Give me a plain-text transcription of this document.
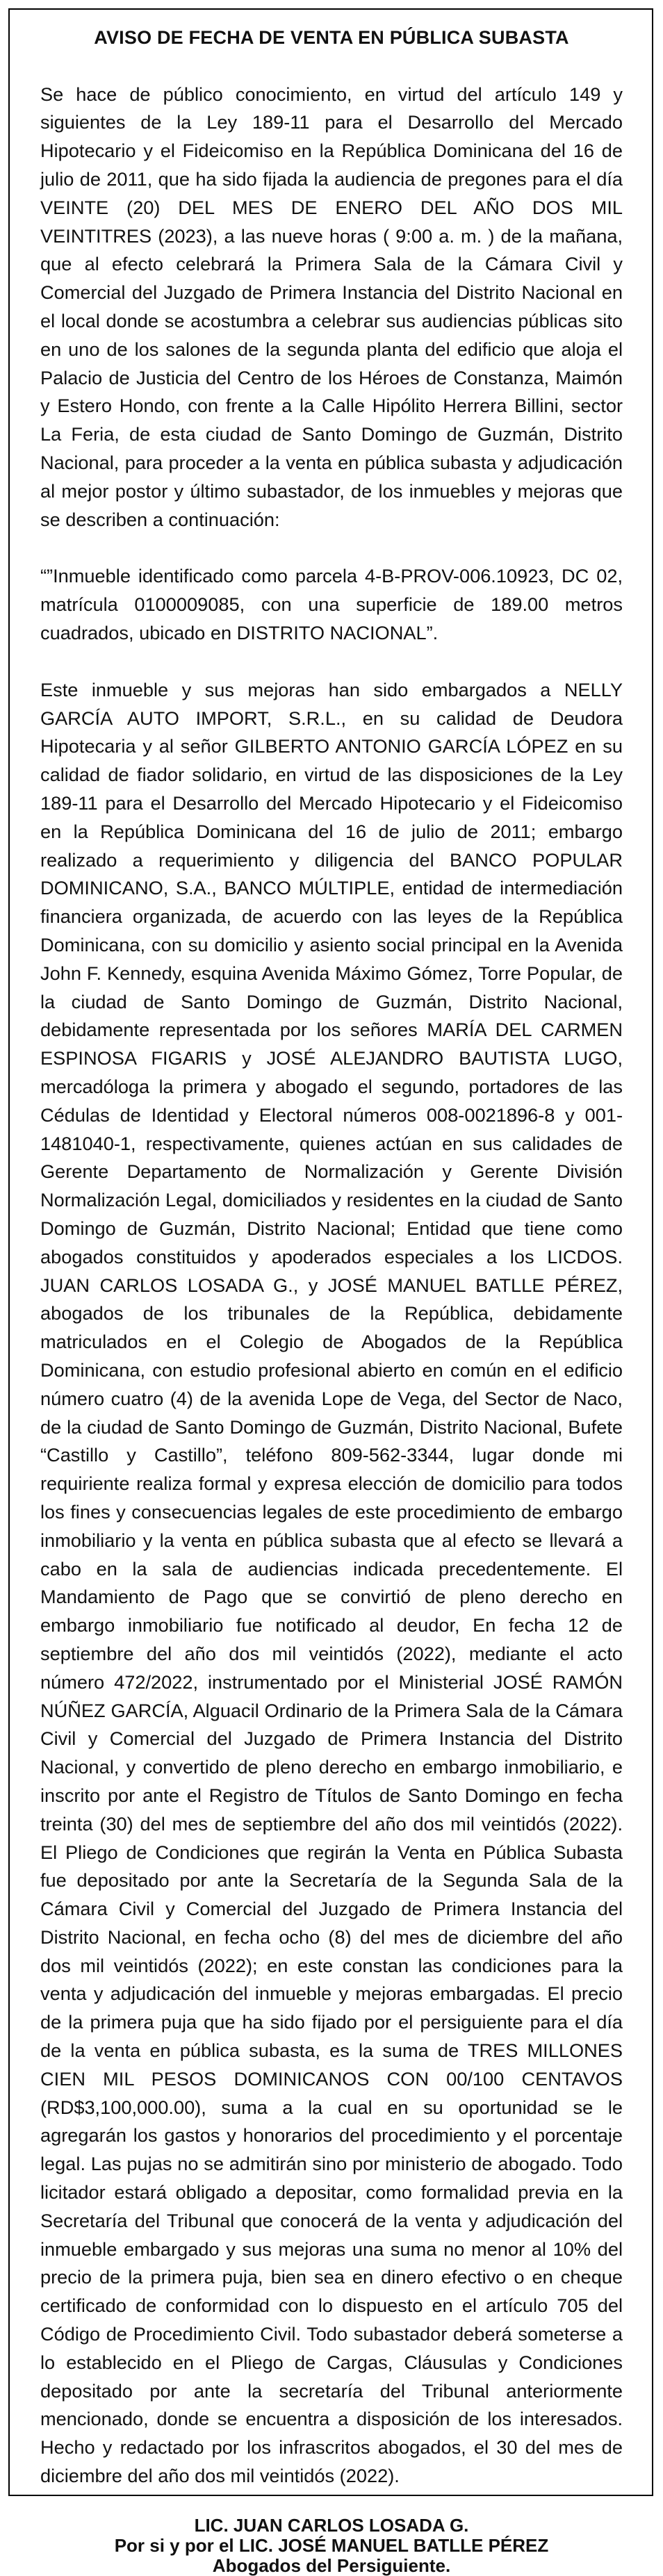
AVISO DE FECHA DE VENTA EN PÚBLICA SUBASTA

Se hace de público conocimiento, en virtud del artículo 149 y siguientes de la Ley 189-11 para el Desarrollo del Mercado Hipotecario y el Fideicomiso en la República Dominicana del 16 de julio de 2011, que ha sido fijada la audiencia de pregones para el día VEINTE (20) DEL MES DE ENERO DEL AÑO DOS MIL VEINTITRES (2023), a las nueve horas ( 9:00 a. m. ) de la mañana, que al efecto celebrará la Primera Sala de la Cámara Civil y Comercial del Juzgado de Primera Instancia del Distrito Nacional en el local donde se acostumbra a celebrar sus audiencias públicas sito en uno de los salones de la segunda planta del edificio que aloja el Palacio de Justicia del Centro de los Héroes de Constanza, Maimón y Estero Hondo, con frente a la Calle Hipólito Herrera Billini, sector La Feria, de esta ciudad de Santo Domingo de Guzmán, Distrito Nacional, para proceder a la venta en pública subasta y adjudicación al mejor postor y último subastador, de los inmuebles y mejoras que se describen a continuación:

“”Inmueble identificado como parcela 4-B-PROV-006.10923, DC 02, matrícula 0100009085, con una superficie de 189.00 metros cuadrados, ubicado en DISTRITO NACIONAL”.

Este inmueble y sus mejoras han sido embargados a NELLY GARCÍA AUTO IMPORT, S.R.L., en su calidad de Deudora Hipotecaria y al señor GILBERTO ANTONIO GARCÍA LÓPEZ en su calidad de fiador solidario, en virtud de las disposiciones de la Ley 189-11 para el Desarrollo del Mercado Hipotecario y el Fideicomiso en la República Dominicana del 16 de julio de 2011; embargo realizado a requerimiento y diligencia del BANCO POPULAR DOMINICANO, S.A., BANCO MÚLTIPLE, entidad de intermediación financiera organizada, de acuerdo con las leyes de la República Dominicana, con su domicilio y asiento social principal en la Avenida John F. Kennedy, esquina Avenida Máximo Gómez, Torre Popular, de la ciudad de Santo Domingo de Guzmán, Distrito Nacional, debidamente representada por los señores MARÍA DEL CARMEN ESPINOSA FIGARIS y JOSÉ ALEJANDRO BAUTISTA LUGO, mercadóloga la primera y abogado el segundo, portadores de las Cédulas de Identidad y Electoral números 008-0021896-8 y 001-1481040-1, respectivamente, quienes actúan en sus calidades de Gerente Departamento de Normalización y Gerente División Normalización Legal, domiciliados y residentes en la ciudad de Santo Domingo de Guzmán, Distrito Nacional; Entidad que tiene como abogados constituidos y apoderados especiales a los LICDOS. JUAN CARLOS LOSADA G., y JOSÉ MANUEL BATLLE PÉREZ, abogados de los tribunales de la República, debidamente matriculados en el Colegio de Abogados de la República Dominicana, con estudio profesional abierto en común en el edificio número cuatro (4) de la avenida Lope de Vega, del Sector de Naco, de la ciudad de Santo Domingo de Guzmán, Distrito Nacional, Bufete “Castillo y Castillo”, teléfono 809-562-3344, lugar donde mi requiriente realiza formal y expresa elección de domicilio para todos los fines y consecuencias legales de este procedimiento de embargo inmobiliario y la venta en pública subasta que al efecto se llevará a cabo en la sala de audiencias indicada precedentemente. El Mandamiento de Pago que se convirtió de pleno derecho en embargo inmobiliario fue notificado al deudor, En fecha 12 de septiembre del año dos mil veintidós (2022), mediante el acto número 472/2022, instrumentado por el Ministerial JOSÉ RAMÓN NÚÑEZ GARCÍA, Alguacil Ordinario de la Primera Sala de la Cámara Civil y Comercial del Juzgado de Primera Instancia del Distrito Nacional, y convertido de pleno derecho en embargo inmobiliario, e inscrito por ante el Registro de Títulos de Santo Domingo en fecha treinta (30) del mes de septiembre del año dos mil veintidós (2022). El Pliego de Condiciones que regirán la Venta en Pública Subasta fue depositado por ante la Secretaría de la Segunda Sala de la Cámara Civil y Comercial del Juzgado de Primera Instancia del Distrito Nacional, en fecha ocho (8) del mes de diciembre del año dos mil veintidós (2022); en este constan las condiciones para la venta y adjudicación del inmueble y mejoras embargadas. El precio de la primera puja que ha sido fijado por el persiguiente para el día de la venta en pública subasta, es la suma de TRES MILLONES CIEN MIL PESOS DOMINICANOS CON 00/100 CENTAVOS (RD$3,100,000.00), suma a la cual en su oportunidad se le agregarán los gastos y honorarios del procedimiento y el porcentaje legal. Las pujas no se admitirán sino por ministerio de abogado. Todo licitador estará obligado a depositar, como formalidad previa en la Secretaría del Tribunal que conocerá de la venta y adjudicación del inmueble embargado y sus mejoras una suma no menor al 10% del precio de la primera puja, bien sea en dinero efectivo o en cheque certificado de conformidad con lo dispuesto en el artículo 705 del Código de Procedimiento Civil. Todo subastador deberá someterse a lo establecido en el Pliego de Cargas, Cláusulas y Condiciones depositado por ante la secretaría del Tribunal anteriormente mencionado, donde se encuentra a disposición de los interesados. Hecho y redactado por los infrascritos abogados, el 30 del mes de diciembre del año dos mil veintidós (2022).

LIC. JUAN CARLOS LOSADA G.
Por si y por el LIC. JOSÉ MANUEL BATLLE PÉREZ
Abogados del Persiguiente.
